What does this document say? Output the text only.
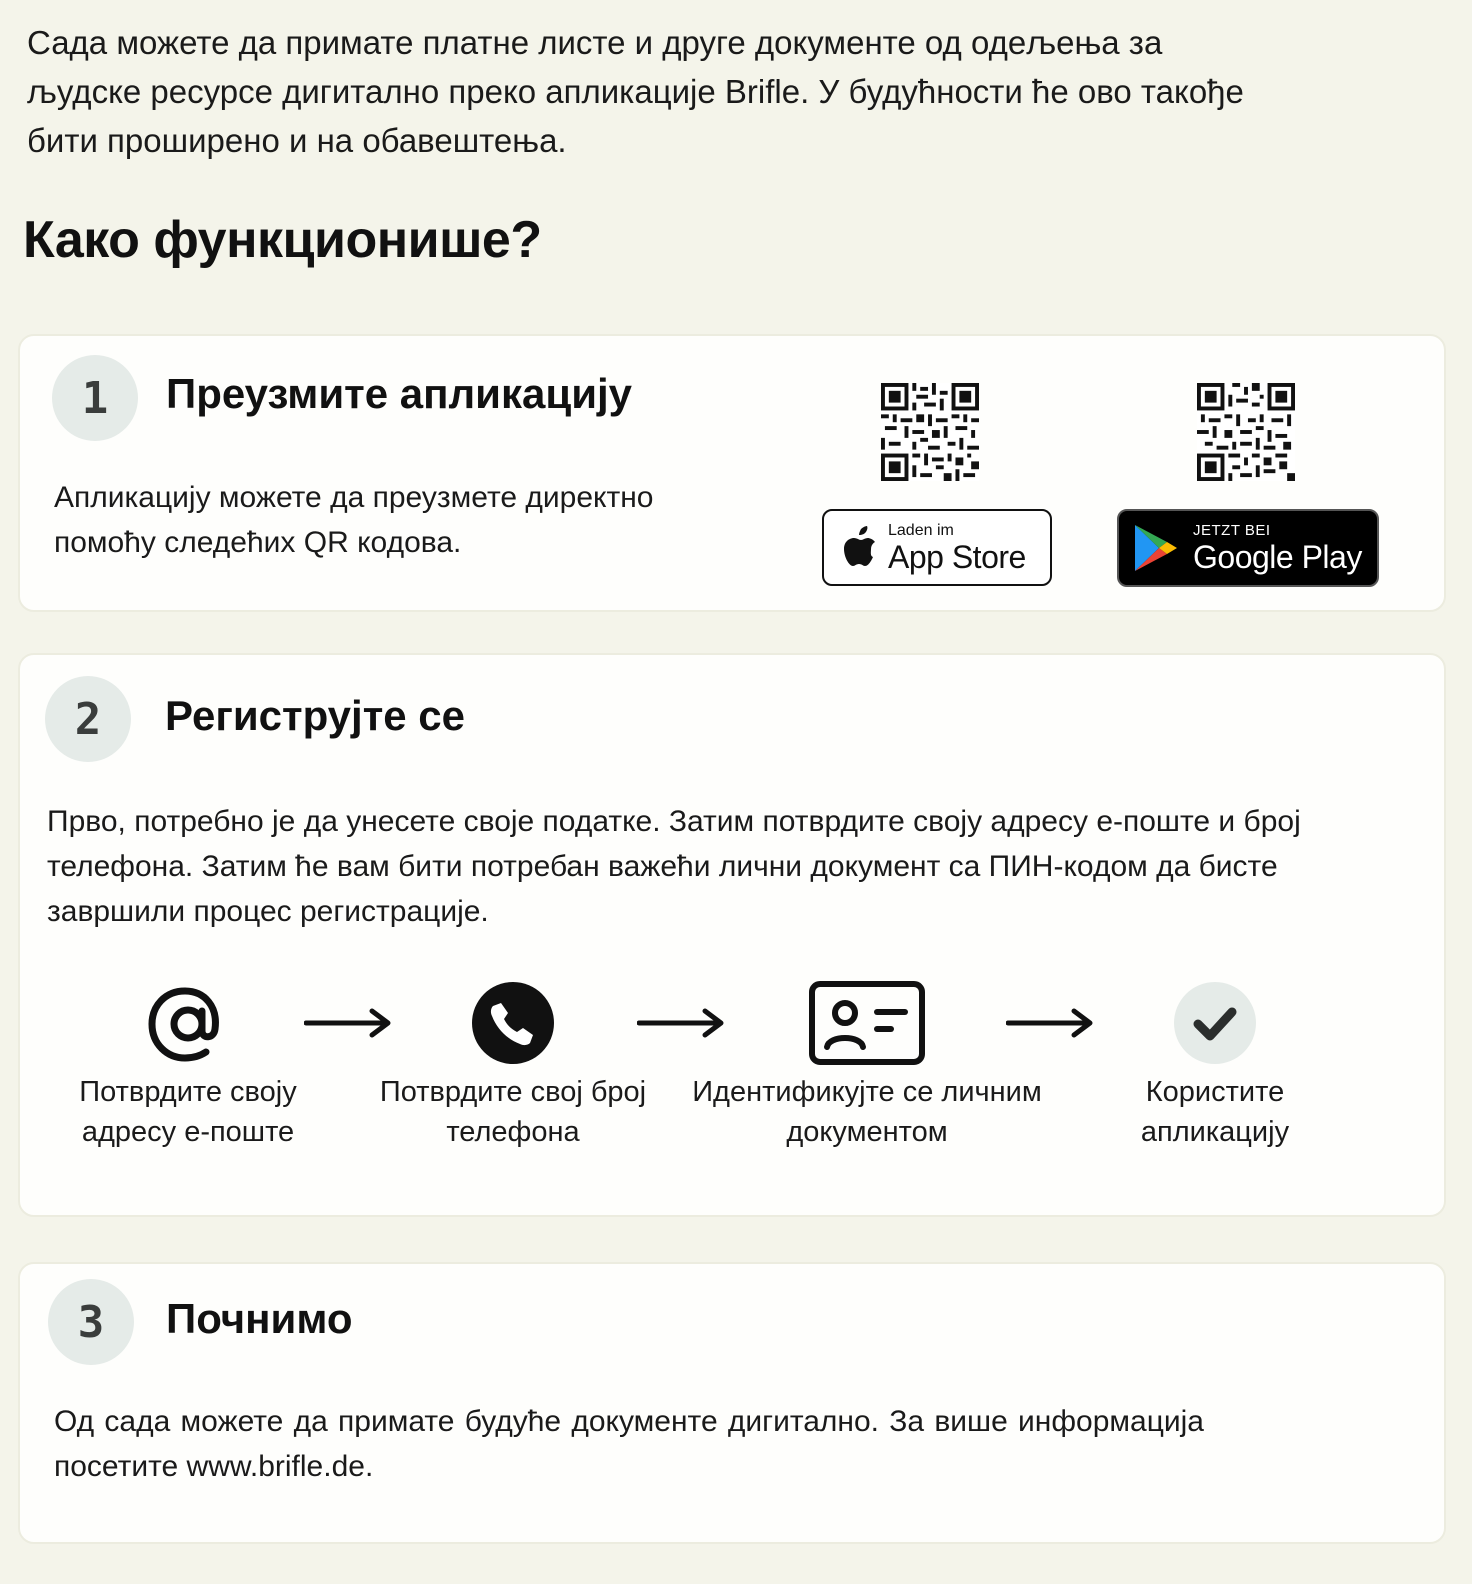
Сада можете да примате платне листе и друге документе од одељења за
људске ресурсе дигитално преко апликације Brifle. У будућности ће ово такође
бити проширено и на обавештења.

Како функционише?
1 Преузмите апликацију

Апликацију можете да преузмете директно
помоћу следећих QR кодова.	Laden im
App Store
JETZT BEI
Google Play
2 Региструјте се

Прво, потребно је да унесете своје податке. Затим потврдите своју адресу е-поште и број
телефона. Затим ће вам бити потребан важећи лични документ са ПИН-кодом да бисте
завршили процес регистрације.

Потврдите своју
адресу е-поште

Потврдите свој број
телефона

Идентификујте се личним
документом

Користите
апликацију

3 Почнимо

Од сада можете да примате будуће документе дигитално. За више информација посетите www.brifle.de.
